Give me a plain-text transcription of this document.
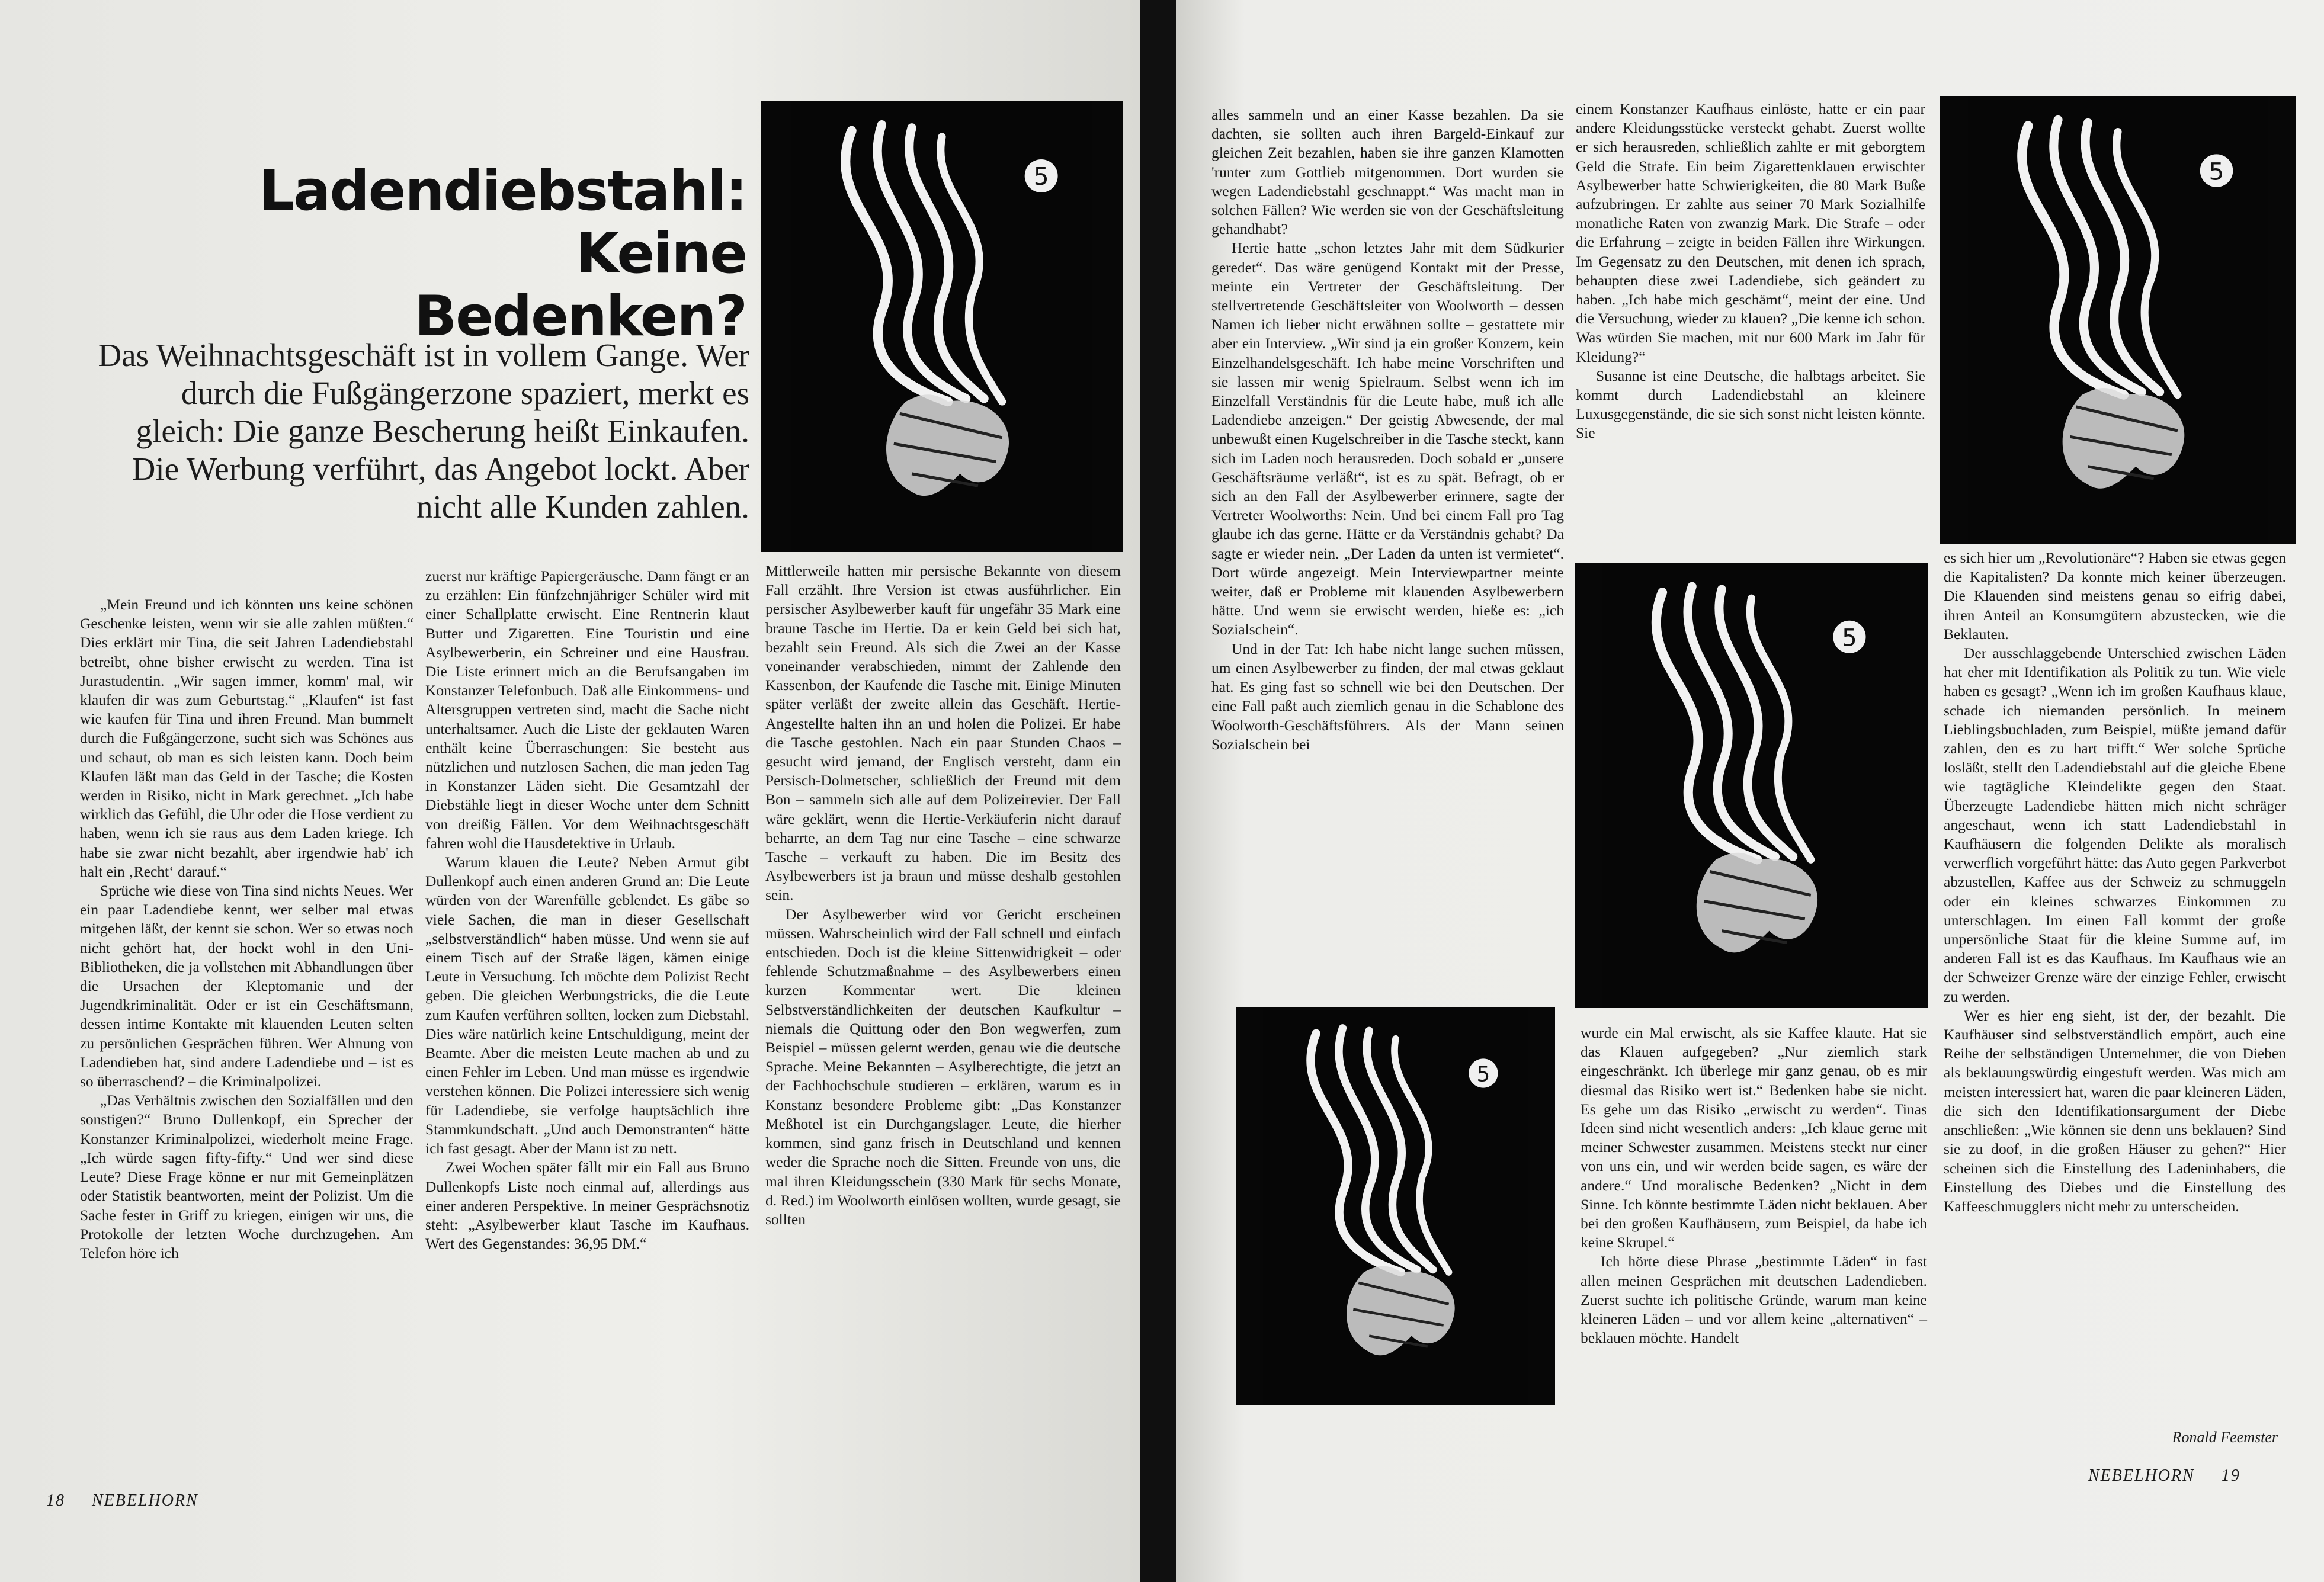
Ladendiebstahl:
Keine Bedenken?
Das Weihnachtsgeschäft ist in vollem Gange. Wer durch die Fußgängerzone spaziert, merkt es gleich: Die ganze Bescherung heißt Einkaufen. Die Werbung verführt, das Angebot lockt. Aber nicht alle Kunden zahlen.

„Mein Freund und ich könnten uns keine schönen Geschenke leisten, wenn wir sie alle zahlen müßten.“ Dies erklärt mir Tina, die seit Jahren Ladendiebstahl betreibt, ohne bisher erwischt zu werden. Tina ist Jurastudentin. „Wir sagen immer, komm' mal, wir klaufen dir was zum Geburtstag.“ „Klaufen“ ist fast wie kaufen für Tina und ihren Freund. Man bummelt durch die Fußgängerzone, sucht sich was Schönes aus und schaut, ob man es sich leisten kann. Doch beim Klaufen läßt man das Geld in der Tasche; die Kosten werden in Risiko, nicht in Mark gerechnet. „Ich habe wirklich das Gefühl, die Uhr oder die Hose verdient zu haben, wenn ich sie raus aus dem Laden kriege. Ich habe sie zwar nicht bezahlt, aber irgendwie hab' ich halt ein ‚Recht‘ darauf.“

Sprüche wie diese von Tina sind nichts Neues. Wer ein paar Ladendiebe kennt, wer selber mal etwas mitgehen läßt, der kennt sie schon. Wer so etwas noch nicht gehört hat, der hockt wohl in den Uni-Bibliotheken, die ja vollstehen mit Abhandlungen über die Ursachen der Kleptomanie und der Jugendkriminalität. Oder er ist ein Geschäftsmann, dessen intime Kontakte mit klauenden Leuten selten zu persönlichen Gesprächen führen. Wer Ahnung von Ladendieben hat, sind andere Ladendiebe und – ist es so überraschend? – die Kriminalpolizei.

„Das Verhältnis zwischen den Sozialfällen und den sonstigen?“ Bruno Dullenkopf, ein Sprecher der Konstanzer Kriminalpolizei, wiederholt meine Frage. „Ich würde sagen fifty-fifty.“ Und wer sind diese Leute? Diese Frage könne er nur mit Gemeinplätzen oder Statistik beantworten, meint der Polizist. Um die Sache fester in Griff zu kriegen, einigen wir uns, die Protokolle der letzten Woche durchzugehen. Am Telefon höre ich

zuerst nur kräftige Papiergeräusche. Dann fängt er an zu erzählen: Ein fünfzehnjähriger Schüler wird mit einer Schallplatte erwischt. Eine Rentnerin klaut Butter und Zigaretten. Eine Touristin und eine Asylbewerberin, ein Schreiner und eine Hausfrau. Die Liste erinnert mich an die Berufsangaben im Konstanzer Telefonbuch. Daß alle Einkommens- und Altersgruppen vertreten sind, macht die Sache nicht unterhaltsamer. Auch die Liste der geklauten Waren enthält keine Überraschungen: Sie besteht aus nützlichen und nutzlosen Sachen, die man jeden Tag in Konstanzer Läden sieht. Die Gesamtzahl der Diebstähle liegt in dieser Woche unter dem Schnitt von dreißig Fällen. Vor dem Weihnachtsgeschäft fahren wohl die Hausdetektive in Urlaub.

Warum klauen die Leute? Neben Armut gibt Dullenkopf auch einen anderen Grund an: Die Leute würden von der Warenfülle geblendet. Es gäbe so viele Sachen, die man in dieser Gesellschaft „selbstverständlich“ haben müsse. Und wenn sie auf einem Tisch auf der Straße lägen, kämen einige Leute in Versuchung. Ich möchte dem Polizist Recht geben. Die gleichen Werbungstricks, die die Leute zum Kaufen verführen sollten, locken zum Diebstahl. Dies wäre natürlich keine Entschuldigung, meint der Beamte. Aber die meisten Leute machen ab und zu einen Fehler im Leben. Und man müsse es irgendwie verstehen können. Die Polizei interessiere sich wenig für Ladendiebe, sie verfolge hauptsächlich ihre Stammkundschaft. „Und auch Demonstranten“ hätte ich fast gesagt. Aber der Mann ist zu nett.

Zwei Wochen später fällt mir ein Fall aus Bruno Dullenkopfs Liste noch einmal auf, allerdings aus einer anderen Perspektive. In meiner Gesprächsnotiz steht: „Asylbewerber klaut Tasche im Kaufhaus. Wert des Gegenstandes: 36,95 DM.“

Mittlerweile hatten mir persische Bekannte von diesem Fall erzählt. Ihre Version ist etwas ausführlicher. Ein persischer Asylbewerber kauft für ungefähr 35 Mark eine braune Tasche im Hertie. Da er kein Geld bei sich hat, bezahlt sein Freund. Als sich die Zwei an der Kasse voneinander verabschieden, nimmt der Zahlende den Kassenbon, der Kaufende die Tasche mit. Einige Minuten später verläßt der zweite allein das Geschäft. Hertie-Angestellte halten ihn an und holen die Polizei. Er habe die Tasche gestohlen. Nach ein paar Stunden Chaos – gesucht wird jemand, der Englisch versteht, dann ein Persisch-Dolmetscher, schließlich der Freund mit dem Bon – sammeln sich alle auf dem Polizeirevier. Der Fall wäre geklärt, wenn die Hertie-Verkäuferin nicht darauf beharrte, an dem Tag nur eine Tasche – eine schwarze Tasche – verkauft zu haben. Die im Besitz des Asylbewerbers ist ja braun und müsse deshalb gestohlen sein.

Der Asylbewerber wird vor Gericht erscheinen müssen. Wahrscheinlich wird der Fall schnell und einfach entschieden. Doch ist die kleine Sittenwidrigkeit – oder fehlende Schutzmaßnahme – des Asylbewerbers einen kurzen Kommentar wert. Die kleinen Selbstverständlichkeiten der deutschen Kaufkultur – niemals die Quittung oder den Bon wegwerfen, zum Beispiel – müssen gelernt werden, genau wie die deutsche Sprache. Meine Bekannten – Asylberechtigte, die jetzt an der Fachhochschule studieren – erklären, warum es in Konstanz besondere Probleme gibt: „Das Konstanzer Meßhotel ist ein Durchgangslager. Leute, die hierher kommen, sind ganz frisch in Deutschland und kennen weder die Sprache noch die Sitten. Freunde von uns, die mal ihren Kleidungsschein (330 Mark für sechs Monate, d. Red.) im Woolworth einlösen wollten, wurde gesagt, sie sollten

18 NEBELHORN

alles sammeln und an einer Kasse bezahlen. Da sie dachten, sie sollten auch ihren Bargeld-Einkauf zur gleichen Zeit bezahlen, haben sie ihre ganzen Klamotten 'runter zum Gottlieb mitgenommen. Dort wurden sie wegen Ladendiebstahl geschnappt.“ Was macht man in solchen Fällen? Wie werden sie von der Geschäftsleitung gehandhabt?

Hertie hatte „schon letztes Jahr mit dem Südkurier geredet“. Das wäre genügend Kontakt mit der Presse, meinte ein Vertreter der Geschäftsleitung. Der stellvertretende Geschäftsleiter von Woolworth – dessen Namen ich lieber nicht erwähnen sollte – gestattete mir aber ein Interview. „Wir sind ja ein großer Konzern, kein Einzelhandelsgeschäft. Ich habe meine Vorschriften und sie lassen mir wenig Spielraum. Selbst wenn ich im Einzelfall Verständnis für die Leute habe, muß ich alle Ladendiebe anzeigen.“ Der geistig Abwesende, der mal unbewußt einen Kugelschreiber in die Tasche steckt, kann sich im Laden noch herausreden. Doch sobald er „unsere Geschäftsräume verläßt“, ist es zu spät. Befragt, ob er sich an den Fall der Asylbewerber erinnere, sagte der Vertreter Woolworths: Nein. Und bei einem Fall pro Tag glaube ich das gerne. Hätte er da Verständnis gehabt? Da sagte er wieder nein. „Der Laden da unten ist vermietet“. Dort würde angezeigt. Mein Interviewpartner meinte weiter, daß er Probleme mit klauenden Asylbewerbern hätte. Und wenn sie erwischt werden, hieße es: „ich Sozialschein“.

Und in der Tat: Ich habe nicht lange suchen müssen, um einen Asylbewerber zu finden, der mal etwas geklaut hat. Es ging fast so schnell wie bei den Deutschen. Der eine Fall paßt auch ziemlich genau in die Schablone des Woolworth-Geschäftsführers. Als der Mann seinen Sozialschein bei

einem Konstanzer Kaufhaus einlöste, hatte er ein paar andere Kleidungsstücke versteckt gehabt. Zuerst wollte er sich herausreden, schließlich zahlte er mit geborgtem Geld die Strafe. Ein beim Zigarettenklauen erwischter Asylbewerber hatte Schwierigkeiten, die 80 Mark Buße aufzubringen. Er zahlte aus seiner 70 Mark Sozialhilfe monatliche Raten von zwanzig Mark. Die Strafe – oder die Erfahrung – zeigte in beiden Fällen ihre Wirkungen. Im Gegensatz zu den Deutschen, mit denen ich sprach, behaupten diese zwei Ladendiebe, sich geändert zu haben. „Ich habe mich geschämt“, meint der eine. Und die Versuchung, wieder zu klauen? „Die kenne ich schon. Was würden Sie machen, mit nur 600 Mark im Jahr für Kleidung?“

Susanne ist eine Deutsche, die halbtags arbeitet. Sie kommt durch Ladendiebstahl an kleinere Luxusgegenstände, die sie sich sonst nicht leisten könnte. Sie

wurde ein Mal erwischt, als sie Kaffee klaute. Hat sie das Klauen aufgegeben? „Nur ziemlich stark eingeschränkt. Ich überlege mir ganz genau, ob es mir diesmal das Risiko wert ist.“ Bedenken habe sie nicht. Es gehe um das Risiko „erwischt zu werden“. Tinas Ideen sind nicht wesentlich anders: „Ich klaue gerne mit meiner Schwester zusammen. Meistens steckt nur einer von uns ein, und wir werden beide sagen, es wäre der andere.“ Und moralische Bedenken? „Nicht in dem Sinne. Ich könnte bestimmte Läden nicht beklauen. Aber bei den großen Kaufhäusern, zum Beispiel, da habe ich keine Skrupel.“

Ich hörte diese Phrase „bestimmte Läden“ in fast allen meinen Gesprächen mit deutschen Ladendieben. Zuerst suchte ich politische Gründe, warum man keine kleineren Läden – und vor allem keine „alternativen“ – beklauen möchte. Handelt

es sich hier um „Revolutionäre“? Haben sie etwas gegen die Kapitalisten? Da konnte mich keiner überzeugen. Die Klauenden sind meistens genau so eifrig dabei, ihren Anteil an Konsumgütern abzustecken, wie die Beklauten.

Der ausschlaggebende Unterschied zwischen Läden hat eher mit Identifikation als Politik zu tun. Wie viele haben es gesagt? „Wenn ich im großen Kaufhaus klaue, schade ich niemanden persönlich. In meinem Lieblingsbuchladen, zum Beispiel, müßte jemand dafür zahlen, den es zu hart trifft.“ Wer solche Sprüche losläßt, stellt den Ladendiebstahl auf die gleiche Ebene wie tagtägliche Kleindelikte gegen den Staat. Überzeugte Ladendiebe hätten mich nicht schräger angeschaut, wenn ich statt Ladendiebstahl in Kaufhäusern die folgenden Delikte als moralisch verwerflich vorgeführt hätte: das Auto gegen Parkverbot abzustellen, Kaffee aus der Schweiz zu schmuggeln oder ein kleines schwarzes Einkommen zu unterschlagen. Im einen Fall kommt der große unpersönliche Staat für die kleine Summe auf, im anderen Fall ist es das Kaufhaus. Im Kaufhaus wie an der Schweizer Grenze wäre der einzige Fehler, erwischt zu werden.

Wer es hier eng sieht, ist der, der bezahlt. Die Kaufhäuser sind selbstverständlich empört, auch eine Reihe der selbständigen Unternehmer, die von Dieben als beklauungswürdig eingestuft werden. Was mich am meisten interessiert hat, waren die paar kleineren Läden, die sich den Identifikationsargument der Diebe anschließen: „Wie können sie denn uns beklauen? Sind sie zu doof, in die großen Häuser zu gehen?“ Hier scheinen sich die Einstellung des Ladeninhabers, die Einstellung des Diebes und die Einstellung des Kaffeeschmugglers nicht mehr zu unterscheiden.

Ronald Feemster
NEBELHORN 19
